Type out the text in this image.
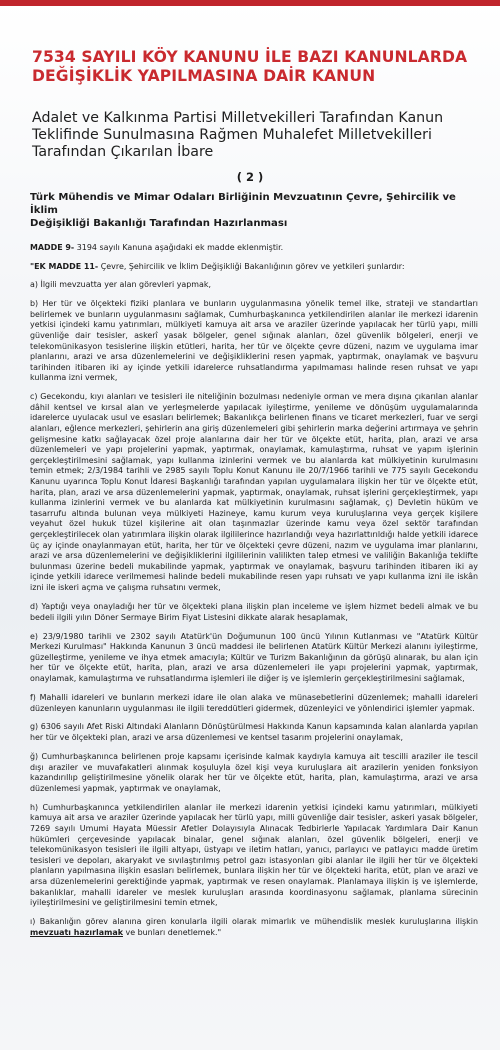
7534 SAYILI KÖY KANUNU İLE BAZI KANUNLARDA
DEĞİŞİKLİK YAPILMASINA DAİR KANUN
Adalet ve Kalkınma Partisi Milletvekilleri Tarafından Kanun
Teklifinde Sunulmasına Rağmen Muhalefet Milletvekilleri
Tarafından Çıkarılan İbare
( 2 )
Türk Mühendis ve Mimar Odaları Birliğinin Mevzuatının Çevre, Şehircilik ve İklim
Değişikliği Bakanlığı Tarafından Hazırlanması

MADDE 9- 3194 sayılı Kanuna aşağıdaki ek madde eklenmiştir.

"EK MADDE 11- Çevre, Şehircilik ve İklim Değişikliği Bakanlığının görev ve yetkileri şunlardır:

a) İlgili mevzuatta yer alan görevleri yapmak,

b) Her tür ve ölçekteki fiziki planlara ve bunların uygulanmasına yönelik temel ilke, strateji ve standartları belirlemek ve bunların uygulanmasını sağlamak, Cumhurbaşkanınca yetkilendirilen alanlar ile merkezi idarenin yetkisi içindeki kamu yatırımları, mülkiyeti kamuya ait arsa ve araziler üzerinde yapılacak her türlü yapı, milli güvenliğe dair tesisler, askerî yasak bölgeler, genel sığınak alanları, özel güvenlik bölgeleri, enerji ve telekomünikasyon tesislerine ilişkin etütleri, harita, her tür ve ölçekte çevre düzeni, nazım ve uygulama imar planlarını, arazi ve arsa düzenlemelerini ve değişikliklerini resen yapmak, yaptırmak, onaylamak ve başvuru tarihinden itibaren iki ay içinde yetkili idarelerce ruhsatlandırma yapılmaması halinde resen ruhsat ve yapı kullanma izni vermek,

c) Gecekondu, kıyı alanları ve tesisleri ile niteliğinin bozulması nedeniyle orman ve mera dışına çıkarılan alanlar dâhil kentsel ve kırsal alan ve yerleşmelerde yapılacak iyileştirme, yenileme ve dönüşüm uygulamalarında idarelerce uyulacak usul ve esasları belirlemek; Bakanlıkça belirlenen finans ve ticaret merkezleri, fuar ve sergi alanları, eğlence merkezleri, şehirlerin ana giriş düzenlemeleri gibi şehirlerin marka değerini artırmaya ve şehrin gelişmesine katkı sağlayacak özel proje alanlarına dair her tür ve ölçekte etüt, harita, plan, arazi ve arsa düzenlemeleri ve yapı projelerini yapmak, yaptırmak, onaylamak, kamulaştırma, ruhsat ve yapım işlerinin gerçekleştirilmesini sağlamak, yapı kullanma izinlerini vermek ve bu alanlarda kat mülkiyetinin kurulmasını temin etmek; 2/3/1984 tarihli ve 2985 sayılı Toplu Konut Kanunu ile 20/7/1966 tarihli ve 775 sayılı Gecekondu Kanunu uyarınca Toplu Konut İdaresi Başkanlığı tarafından yapılan uygulamalara ilişkin her tür ve ölçekte etüt, harita, plan, arazi ve arsa düzenlemelerini yapmak, yaptırmak, onaylamak, ruhsat işlerini gerçekleştirmek, yapı kullanma izinlerini vermek ve bu alanlarda kat mülkiyetinin kurulmasını sağlamak, ç) Devletin hüküm ve tasarrufu altında bulunan veya mülkiyeti Hazineye, kamu kurum veya kuruluşlarına veya gerçek kişilere veyahut özel hukuk tüzel kişilerine ait olan taşınmazlar üzerinde kamu veya özel sektör tarafından gerçekleştirilecek olan yatırımlara ilişkin olarak ilgililerince hazırlandığı veya hazırlattırıldığı halde yetkili idarece üç ay içinde onaylanmayan etüt, harita, her tür ve ölçekteki çevre düzeni, nazım ve uygulama imar planlarını, arazi ve arsa düzenlemelerini ve değişikliklerini ilgililerinin valilikten talep etmesi ve valiliğin Bakanlığa teklifte bulunması üzerine bedeli mukabilinde yapmak, yaptırmak ve onaylamak, başvuru tarihinden itibaren iki ay içinde yetkili idarece verilmemesi halinde bedeli mukabilinde resen yapı ruhsatı ve yapı kullanma izni ile iskân izni ile iskeri açma ve çalışma ruhsatını vermek,

d) Yaptığı veya onayladığı her tür ve ölçekteki plana ilişkin plan inceleme ve işlem hizmet bedeli almak ve bu bedeli ilgili yılın Döner Sermaye Birim Fiyat Listesini dikkate alarak hesaplamak,

e) 23/9/1980 tarihli ve 2302 sayılı Atatürk'ün Doğumunun 100 üncü Yılının Kutlanması ve "Atatürk Kültür Merkezi Kurulması" Hakkında Kanunun 3 üncü maddesi ile belirlenen Atatürk Kültür Merkezi alanını iyileştirme, güzelleştirme, yenileme ve ihya etmek amacıyla; Kültür ve Turizm Bakanlığının da görüşü alınarak, bu alan için her tür ve ölçekte etüt, harita, plan, arazi ve arsa düzenlemeleri ile yapı projelerini yapmak, yaptırmak, onaylamak, kamulaştırma ve ruhsatlandırma işlemleri ile diğer iş ve işlemlerin gerçekleştirilmesini sağlamak,

f) Mahalli idareleri ve bunların merkezi idare ile olan alaka ve münasebetlerini düzenlemek; mahalli idareleri düzenleyen kanunların uygulanması ile ilgili tereddütleri gidermek, düzenleyici ve yönlendirici işlemler yapmak.

g) 6306 sayılı Afet Riski Altındaki Alanların Dönüştürülmesi Hakkında Kanun kapsamında kalan alanlarda yapılan her tür ve ölçekteki plan, arazi ve arsa düzenlemesi ve kentsel tasarım projelerini onaylamak,

ğ) Cumhurbaşkanınca belirlenen proje kapsamı içerisinde kalmak kaydıyla kamuya ait tescilli araziler ile tescil dışı araziler ve muvafakatleri alınmak koşuluyla özel kişi veya kuruluşlara ait arazilerin yeniden fonksiyon kazandırıllıp geliştirilmesine yönelik olarak her tür ve ölçekte etüt, harita, plan, kamulaştırma, arazi ve arsa düzenlemesi yapmak, yaptırmak ve onaylamak,

h) Cumhurbaşkanınca yetkilendirilen alanlar ile merkezi idarenin yetkisi içindeki kamu yatırımları, mülkiyeti kamuya ait arsa ve araziler üzerinde yapılacak her türlü yapı, milli güvenliğe dair tesisler, askeri yasak bölgeler, 7269 sayılı Umumi Hayata Müessir Afetler Dolayısıyla Alınacak Tedbirlerle Yapılacak Yardımlara Dair Kanun hükümleri çerçevesinde yapılacak binalar, genel sığınak alanları, özel güvenlik bölgeleri, enerji ve telekomünikasyon tesisleri ile ilgili altyapı, üstyapı ve iletim hatları, yanıcı, parlayıcı ve patlayıcı madde üretim tesisleri ve depoları, akaryakıt ve sıvılaştırılmış petrol gazı istasyonları gibi alanlar ile ilgili her tür ve ölçekteki planların yapılmasına ilişkin esasları belirlemek, bunlara ilişkin her tür ve ölçekteki harita, etüt, plan ve arazi ve arsa düzenlemelerini gerektiğinde yapmak, yaptırmak ve resen onaylamak. Planlamaya ilişkin iş ve işlemlerde, bakanlıklar, mahalli idareler ve meslek kuruluşları arasında koordinasyonu sağlamak, planlama sürecinin iyileştirilmesini ve geliştirilmesini temin etmek,

ı) Bakanlığın görev alanına giren konularla ilgili olarak mimarlık ve mühendislik meslek kuruluşlarına ilişkin mevzuatı hazırlamak ve bunları denetlemek."
